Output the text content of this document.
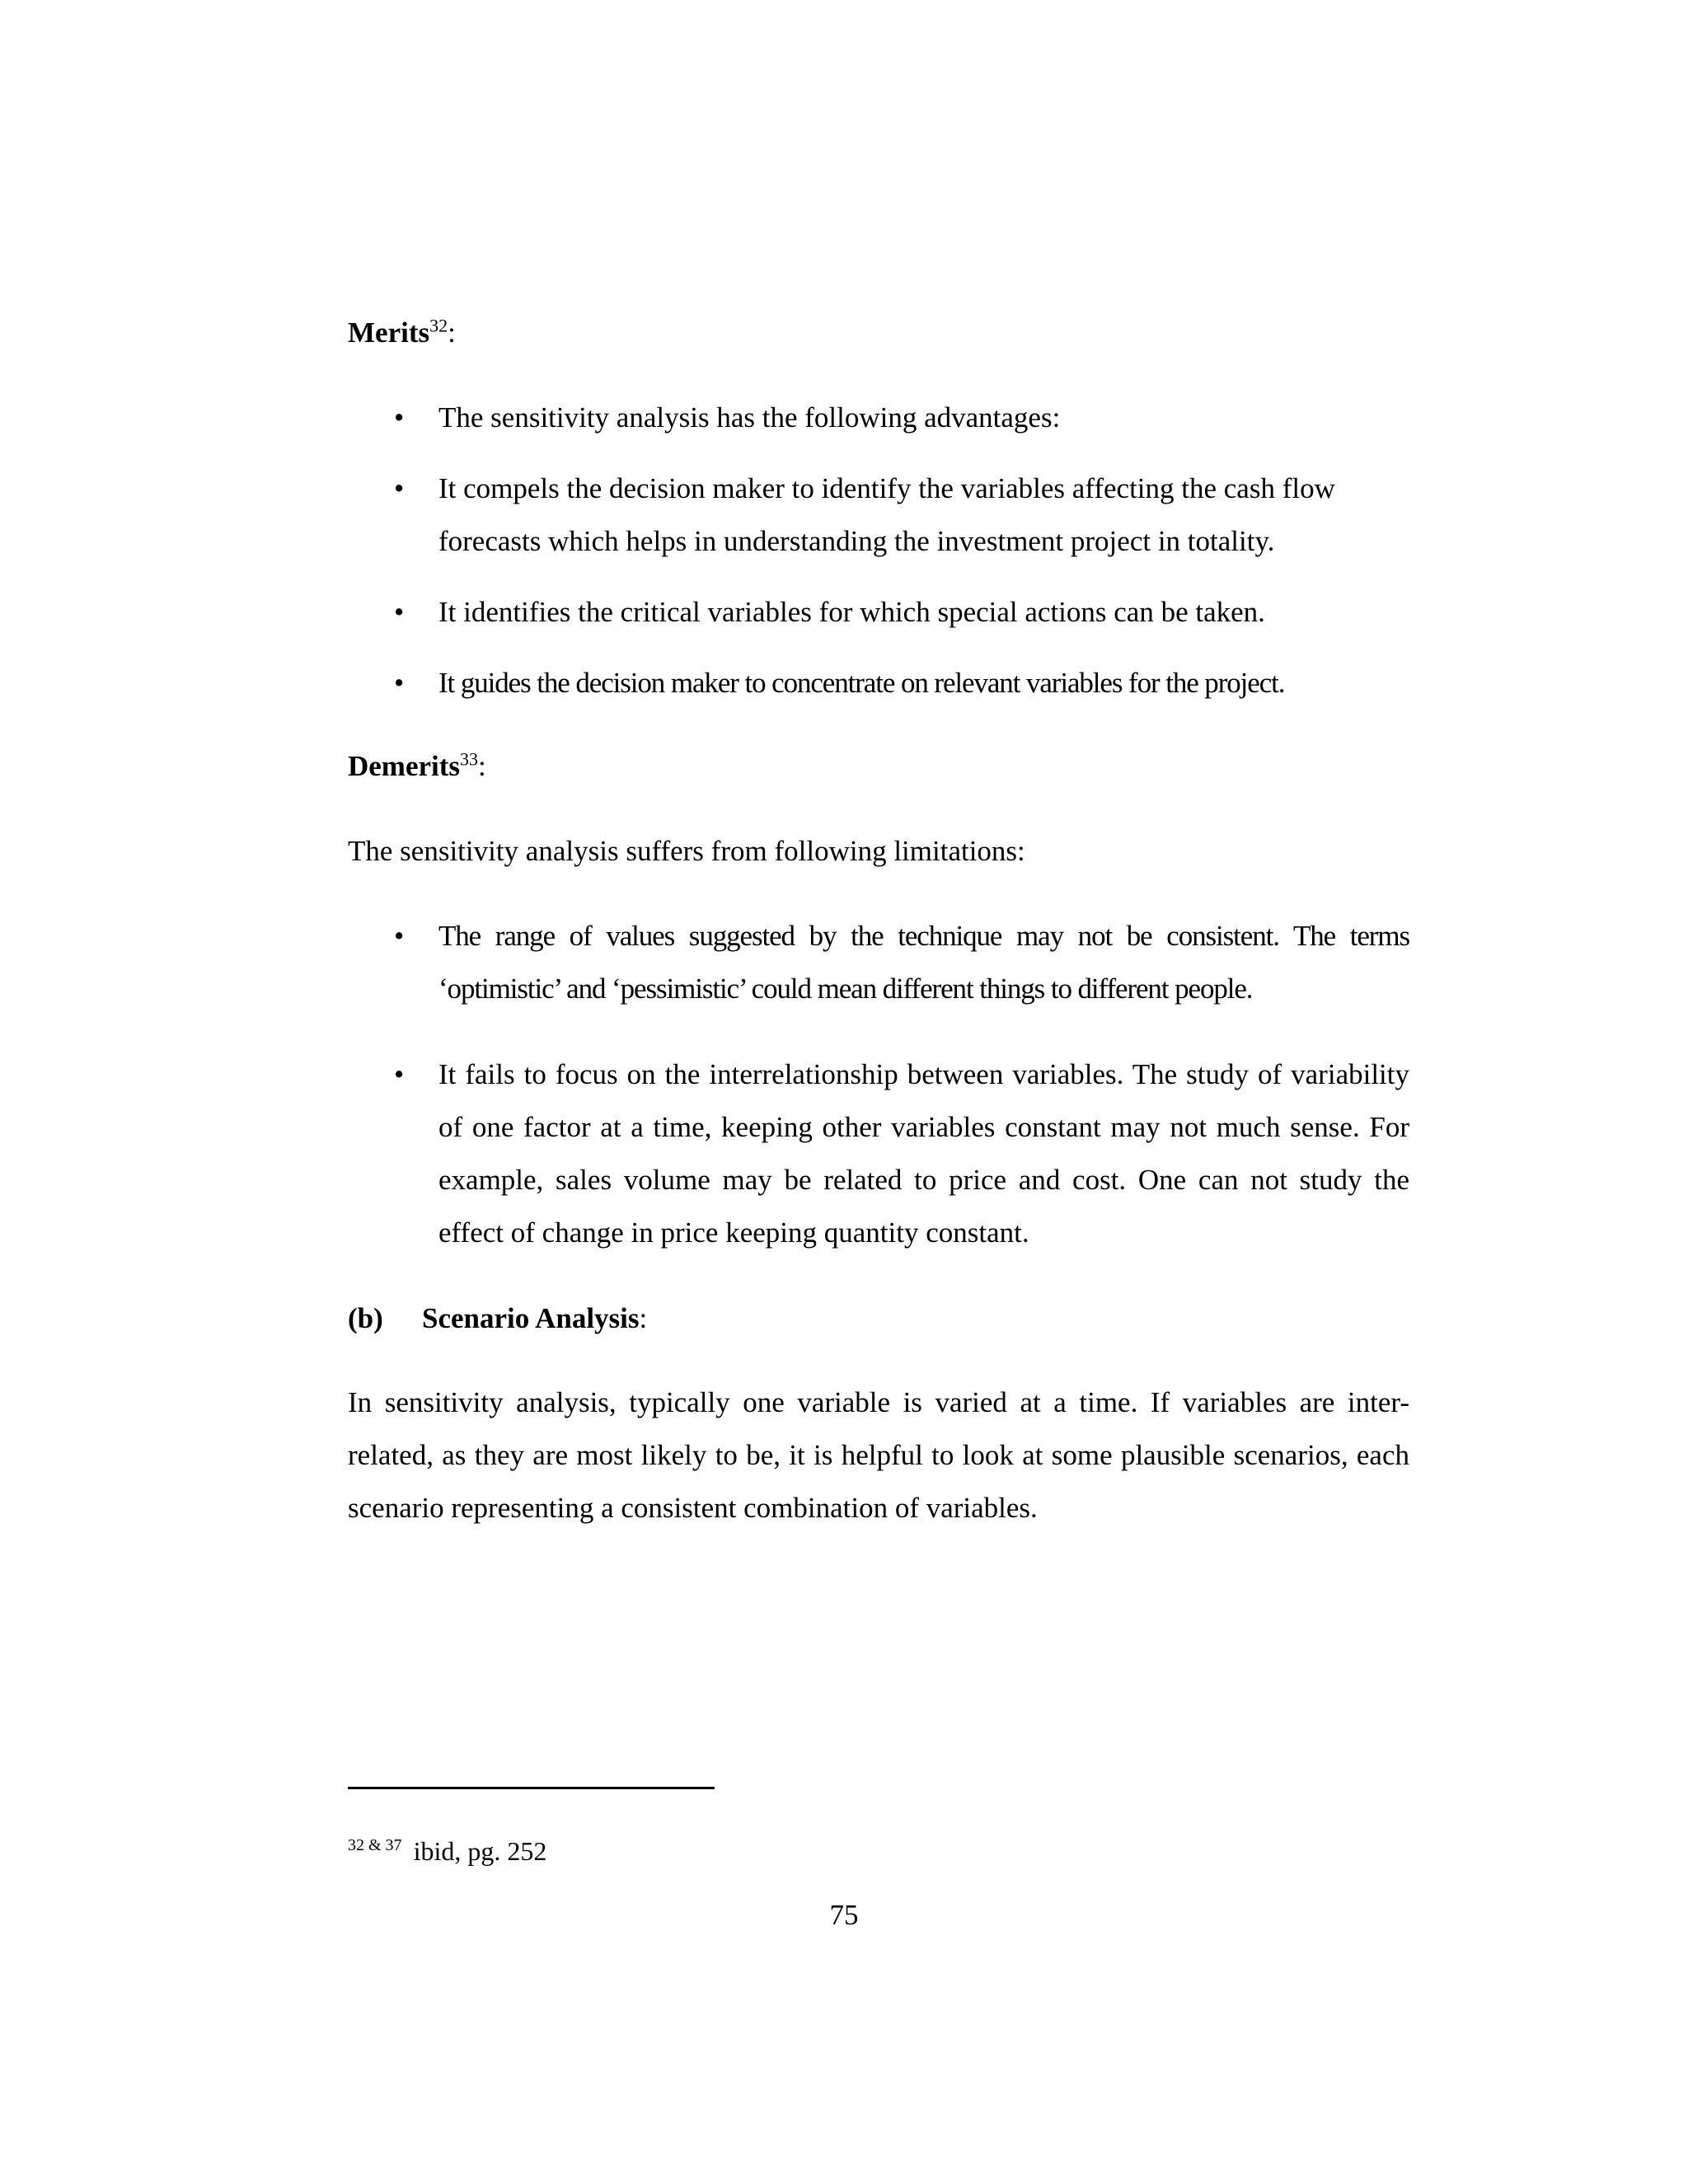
Merits$^{32}$:
• The sensitivity analysis has the following advantages:
• It compels the decision maker to identify the variables affecting the cash flow forecasts which helps in understanding the investment project in totality.
• It identifies the critical variables for which special actions can be taken.
• It guides the decision maker to concentrate on relevant variables for the project.
Demerits$^{33}$:
The sensitivity analysis suffers from following limitations:
• The range of values suggested by the technique may not be consistent. The terms ‘optimistic’ and ‘pessimistic’ could mean different things to different people.
• It fails to focus on the interrelationship between variables. The study of variability of one factor at a time, keeping other variables constant may not much sense. For example, sales volume may be related to price and cost. One can not study the effect of change in price keeping quantity constant.
(b) Scenario Analysis:
In sensitivity analysis, typically one variable is varied at a time. If variables are inter-related, as they are most likely to be, it is helpful to look at some plausible scenarios, each scenario representing a consistent combination of variables.
$^{32 \& 37}$ ibid, pg. 252
75
